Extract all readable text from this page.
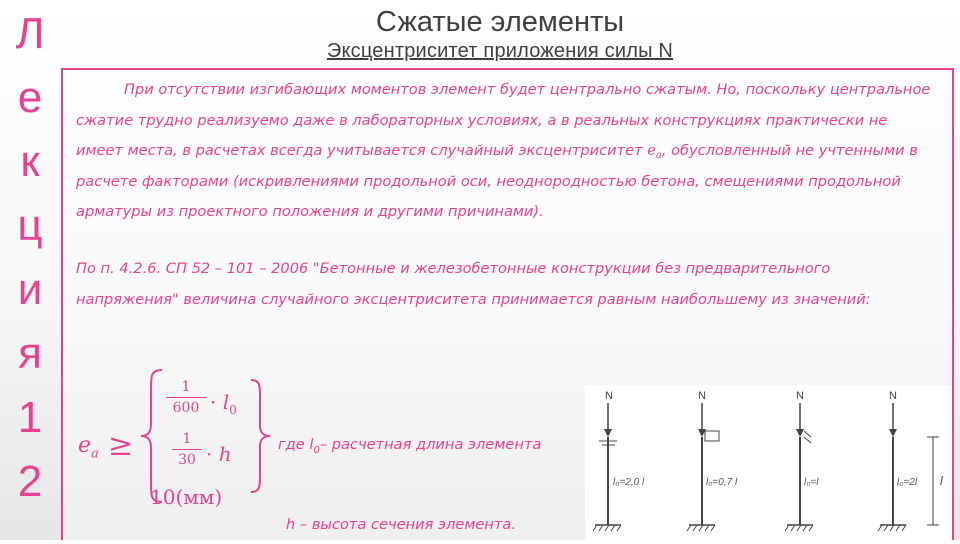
Л
е
к
ц
и
я
1
2
Сжатые элементы
Эксцентриситет приложения силы N

При отсутствии изгибающих моментов элемент будет центрально сжатым. Но, поскольку центральное сжатие трудно реализуемо даже в лабораторных условиях, а в реальных конструкциях практически не имеет места, в расчетах всегда учитывается случайный эксцентриситет $e_a$, обусловленный не учтенными в расчете факторами (искривлениями продольной оси, неоднородностью бетона, смещениями продольной арматуры из проектного положения и другими причинами).

По п. 4.2.6. СП 52 – 101 – 2006 "Бетонные и железобетонные конструкции без предварительного напряжения" величина случайного эксцентриситета принимается равным наибольшему из значений:

$e_a$ ≥
1
$600 \cdot l_0$
1
30 · h
10(мм)
где $l_0-$ расчетная длина элемента
h – высота сечения элемента.
N
l₀=2,0 l
N
l₀=0,7 l
N
l₀=l
N
l₀=2l l
